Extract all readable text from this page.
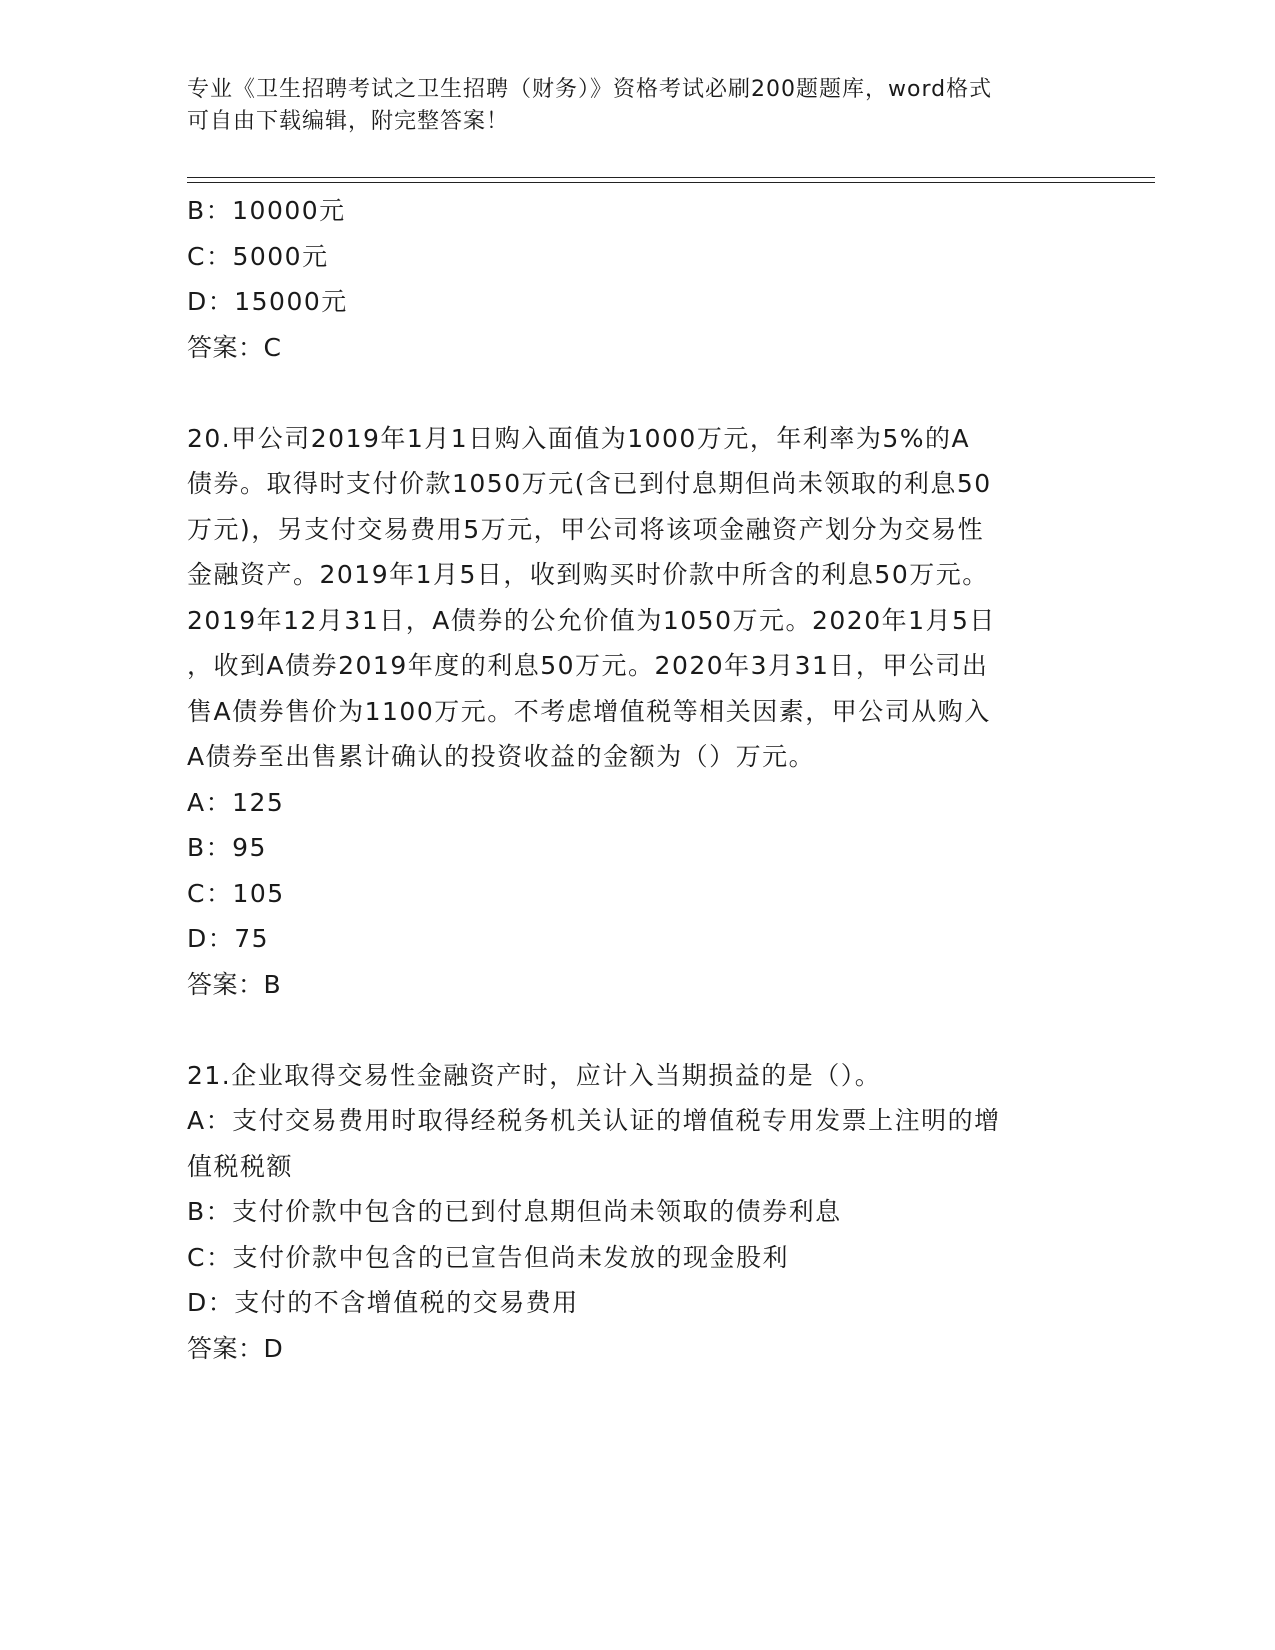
专业《卫生招聘考试之卫生招聘（财务）》资格考试必刷200题题库，word格式
可自由下载编辑，附完整答案！
B：10000元
C：5000元
D：15000元
答案：C
20.甲公司2019年1月1日购入面值为1000万元，年利率为5%的A
债券。取得时支付价款1050万元(含已到付息期但尚未领取的利息50
万元)，另支付交易费用5万元，甲公司将该项金融资产划分为交易性
金融资产。2019年1月5日，收到购买时价款中所含的利息50万元。
2019年12月31日，A债券的公允价值为1050万元。2020年1月5日
，收到A债券2019年度的利息50万元。2020年3月31日，甲公司出
售A债券售价为1100万元。不考虑增值税等相关因素，甲公司从购入
A债券至出售累计确认的投资收益的金额为（）万元。
A：125
B：95
C：105
D：75
答案：B
21.企业取得交易性金融资产时，应计入当期损益的是（）。
A：支付交易费用时取得经税务机关认证的增值税专用发票上注明的增
值税税额
B：支付价款中包含的已到付息期但尚未领取的债券利息
C：支付价款中包含的已宣告但尚未发放的现金股利
D：支付的不含增值税的交易费用
答案：D
